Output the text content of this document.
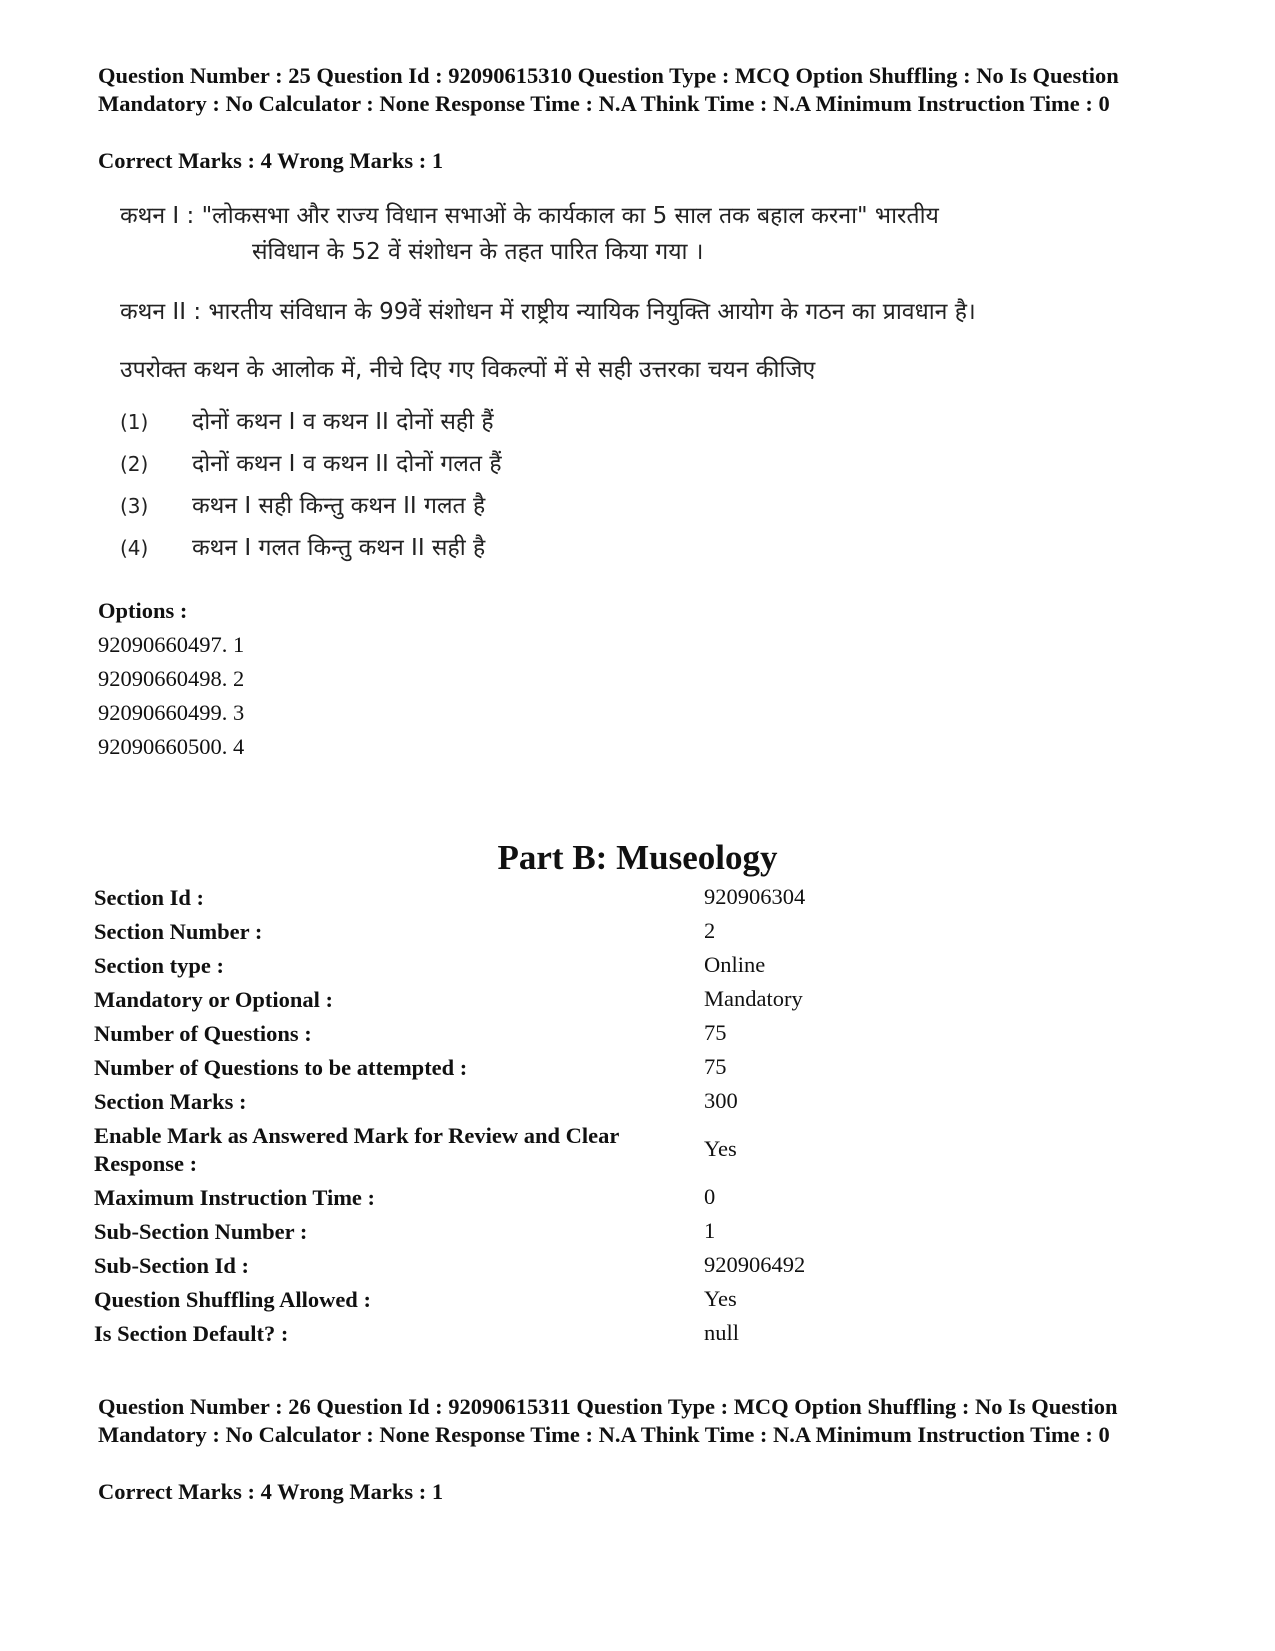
Question Number : 25 Question Id : 92090615310 Question Type : MCQ Option Shuffling : No Is Question Mandatory : No Calculator : None Response Time : N.A Think Time : N.A Minimum Instruction Time : 0
Correct Marks : 4 Wrong Marks : 1
कथन I : "लोकसभा और राज्य विधान सभाओं के कार्यकाल का 5 साल तक बहाल करना" भारतीय
संविधान के 52 वें संशोधन के तहत पारित किया गया ।
कथन II : भारतीय संविधान के 99वें संशोधन में राष्ट्रीय न्यायिक नियुक्ति आयोग के गठन का प्रावधान है।
उपरोक्त कथन के आलोक में, नीचे दिए गए विकल्पों में से सही उत्तरका चयन कीजिए
(1) दोनों कथन I व कथन II दोनों सही हैं
(2) दोनों कथन I व कथन II दोनों गलत हैं
(3) कथन I सही किन्तु कथन II गलत है
(4) कथन I गलत किन्तु कथन II सही है
Options :
92090660497. 1
92090660498. 2
92090660499. 3
92090660500. 4
Part B: Museology
Section Id :	920906304
Section Number :	2
Section type :	Online
Mandatory or Optional :	Mandatory
Number of Questions :	75
Number of Questions to be attempted :	75
Section Marks :	300
Enable Mark as Answered Mark for Review and Clear Response :
Yes
Maximum Instruction Time :	0
Sub-Section Number :	1
Sub-Section Id :	920906492
Question Shuffling Allowed :	Yes
Is Section Default? :	null
Question Number : 26 Question Id : 92090615311 Question Type : MCQ Option Shuffling : No Is Question Mandatory : No Calculator : None Response Time : N.A Think Time : N.A Minimum Instruction Time : 0
Correct Marks : 4 Wrong Marks : 1
